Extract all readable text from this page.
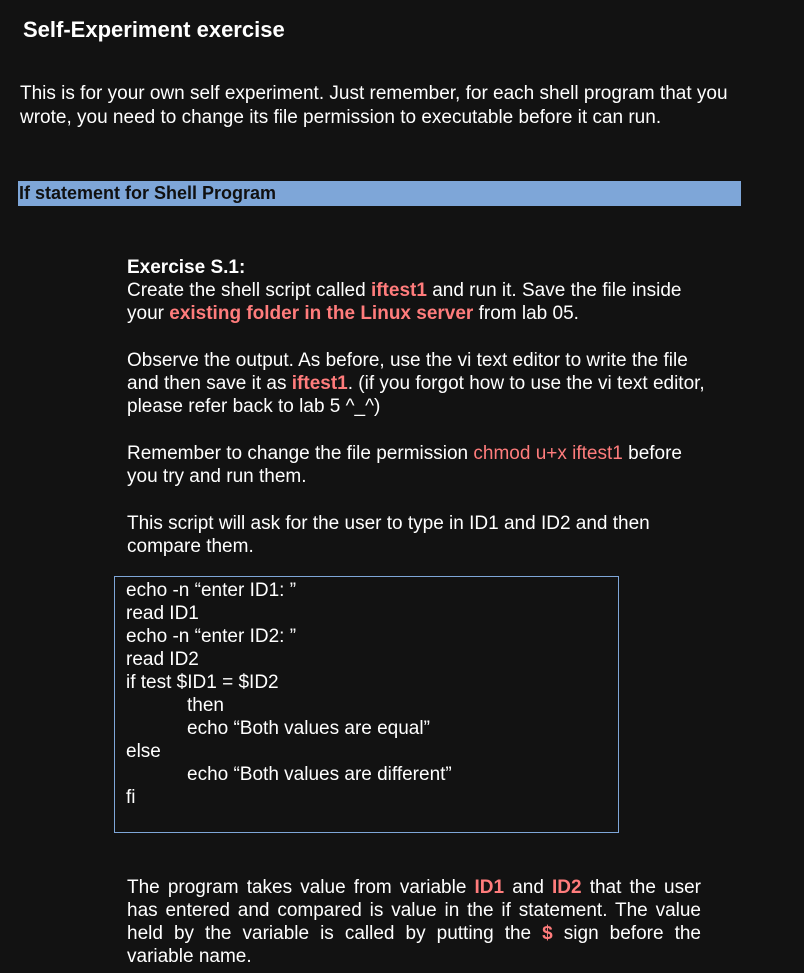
Self-Experiment exercise

This is for your own self experiment. Just remember, for each shell program that you wrote, you need to change its file permission to executable before it can run.

If statement for Shell Program
Exercise S.1:

Create the shell script called iftest1 and run it. Save the file inside your existing folder in the Linux server from lab 05.

Observe the output. As before, use the vi text editor to write the file and then save it as iftest1. (if you forgot how to use the vi text editor, please refer back to lab 5 ^_^)

Remember to change the file permission chmod u+x iftest1 before you try and run them.

This script will ask for the user to type in ID1 and ID2 and then compare them.

echo -n “enter ID1: ”
read ID1
echo -n “enter ID2: ”
read ID2
if test $ID1 = $ID2
then
echo “Both values are equal”
else
echo “Both values are different”
fi

The program takes value from variable ID1 and ID2 that the user has entered and compared is value in the if statement. The value held by the variable is called by putting the $ sign before the variable name.
